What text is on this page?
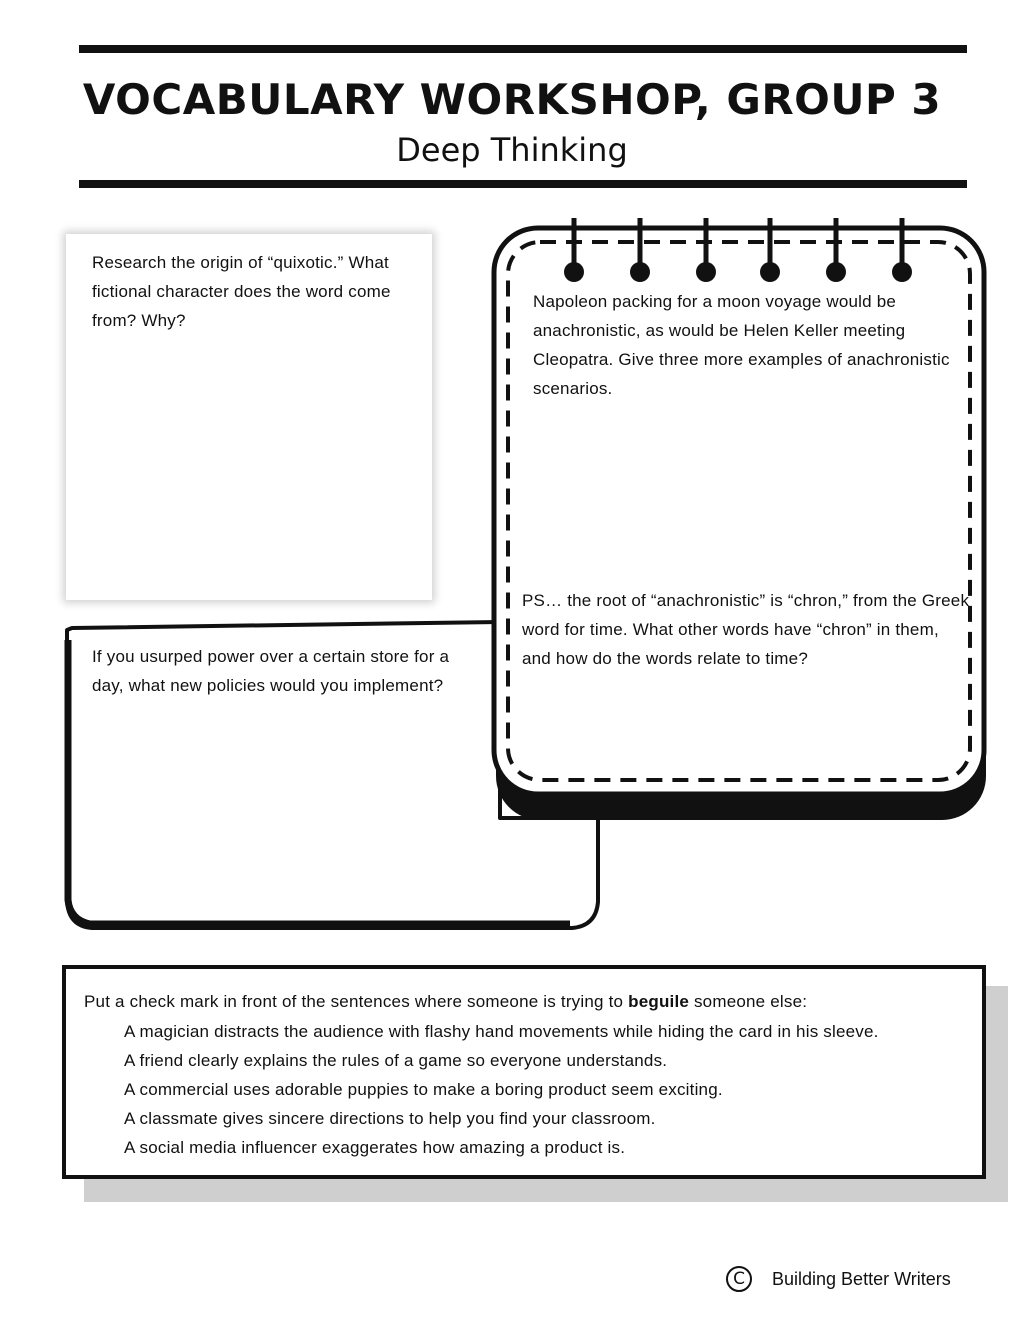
VOCABULARY WORKSHOP, GROUP 3
Deep Thinking

Research the origin of “quixotic.” What fictional character does the word come from? Why?

If you usurped power over a certain store for a day, what new policies would you implement?

Napoleon packing for a moon voyage would be anachronistic, as would be Helen Keller meeting Cleopatra. Give three more examples of anachronistic scenarios.

PS… the root of “anachronistic” is “chron,” from the Greek word for time. What other words have “chron” in them, and how do the words relate to time?

Put a check mark in front of the sentences where someone is trying to beguile someone else:

A magician distracts the audience with flashy hand movements while hiding the card in his sleeve.
A friend clearly explains the rules of a game so everyone understands.
A commercial uses adorable puppies to make a boring product seem exciting.
A classmate gives sincere directions to help you find your classroom.
A social media influencer exaggerates how amazing a product is.
C	Building Better Writers
